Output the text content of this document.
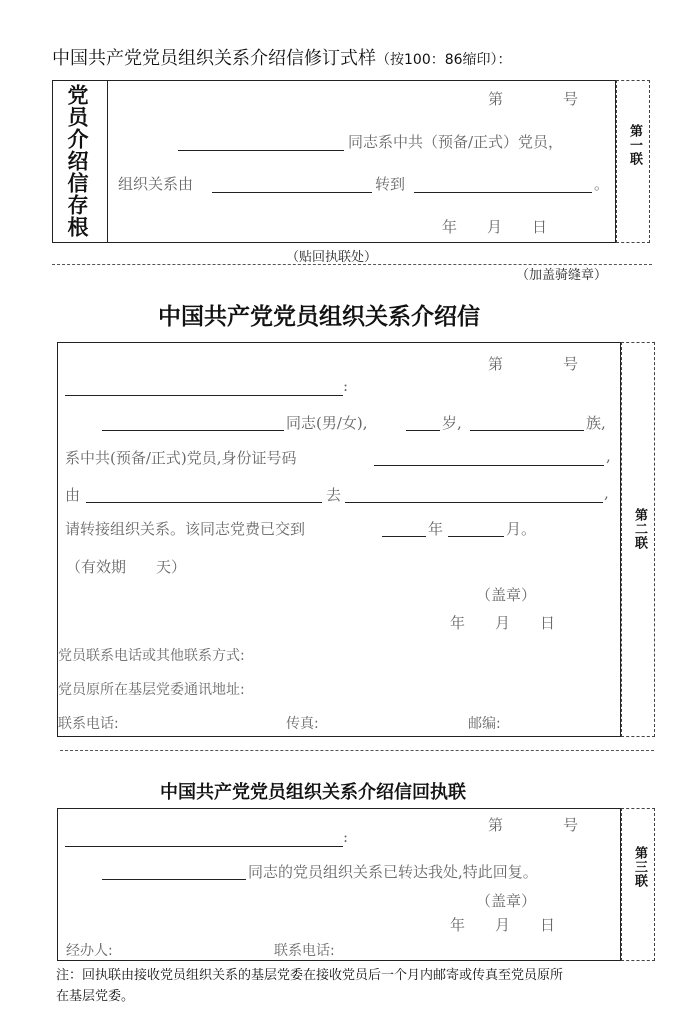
中国共产党党员组织关系介绍信修订式样（按100：86缩印）：
党员介绍信存根	第　　　　号
同志系中共（预备/正式）党员，
组织关系由	转到	。
年　　月　　日
第一联
（贴回执联处）
（加盖骑缝章）
中国共产党党员组织关系介绍信
第二联
第　　　　号
:
同志(男/女),	岁,	族,
系中共(预备/正式)党员,身份证号码	,
由	去	,
请转接组织关系。该同志党费已交到	年	月。
（有效期　　天）
（盖章）
年　　月　　日
党员联系电话或其他联系方式:
党员原所在基层党委通讯地址:
联系电话:	传真:	邮编:
中国共产党党员组织关系介绍信回执联
第三联
第　　　　号
:
同志的党员组织关系已转达我处,特此回复。
（盖章）
年　　月　　日
经办人:	联系电话:
注：回执联由接收党员组织关系的基层党委在接收党员后一个月内邮寄或传真至党员原所
在基层党委。
